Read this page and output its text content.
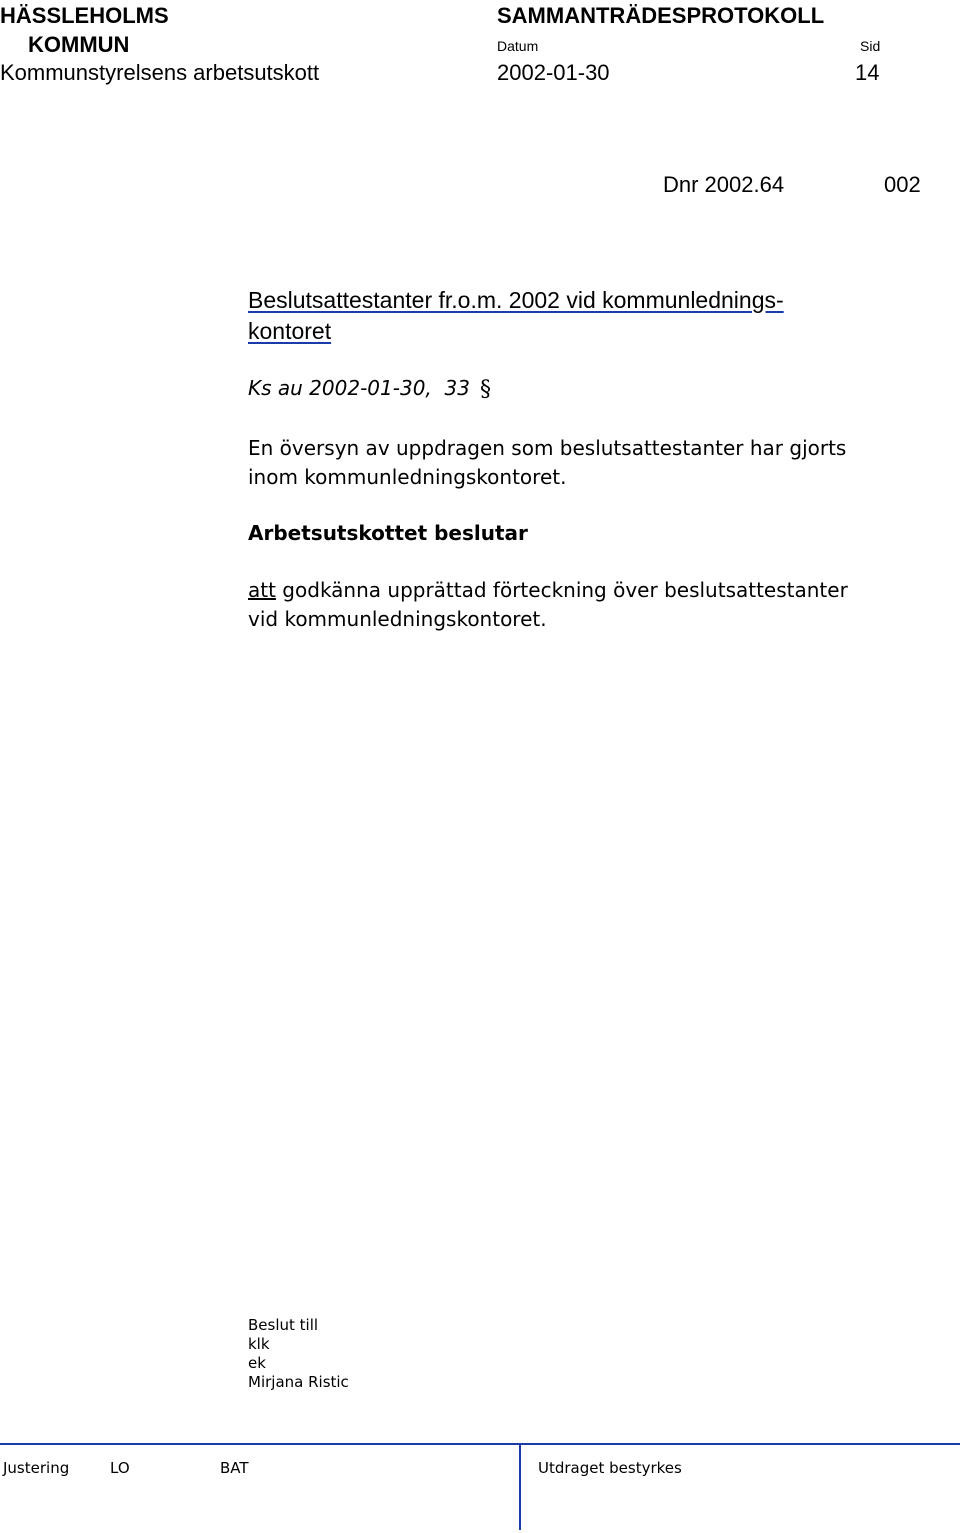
HÄSSLEHOLMS
KOMMUN
SAMMANTRÄDESPROTOKOLL
Datum	Sid
Kommunstyrelsens arbetsutskott	2002-01-30	14
Dnr 2002.64	002
Beslutsattestanter fr.o.m. 2002 vid kommunlednings-
kontoret
Ks au 2002-01-30,  33 §
En översyn av uppdragen som beslutsattestanter har gjorts
inom kommunledningskontoret.
Arbetsutskottet beslutar
att godkänna upprättad förteckning över beslutsattestanter
vid kommunledningskontoret.
Beslut till
klk
ek
Mirjana Ristic
Justering	LO	BAT	Utdraget bestyrkes
